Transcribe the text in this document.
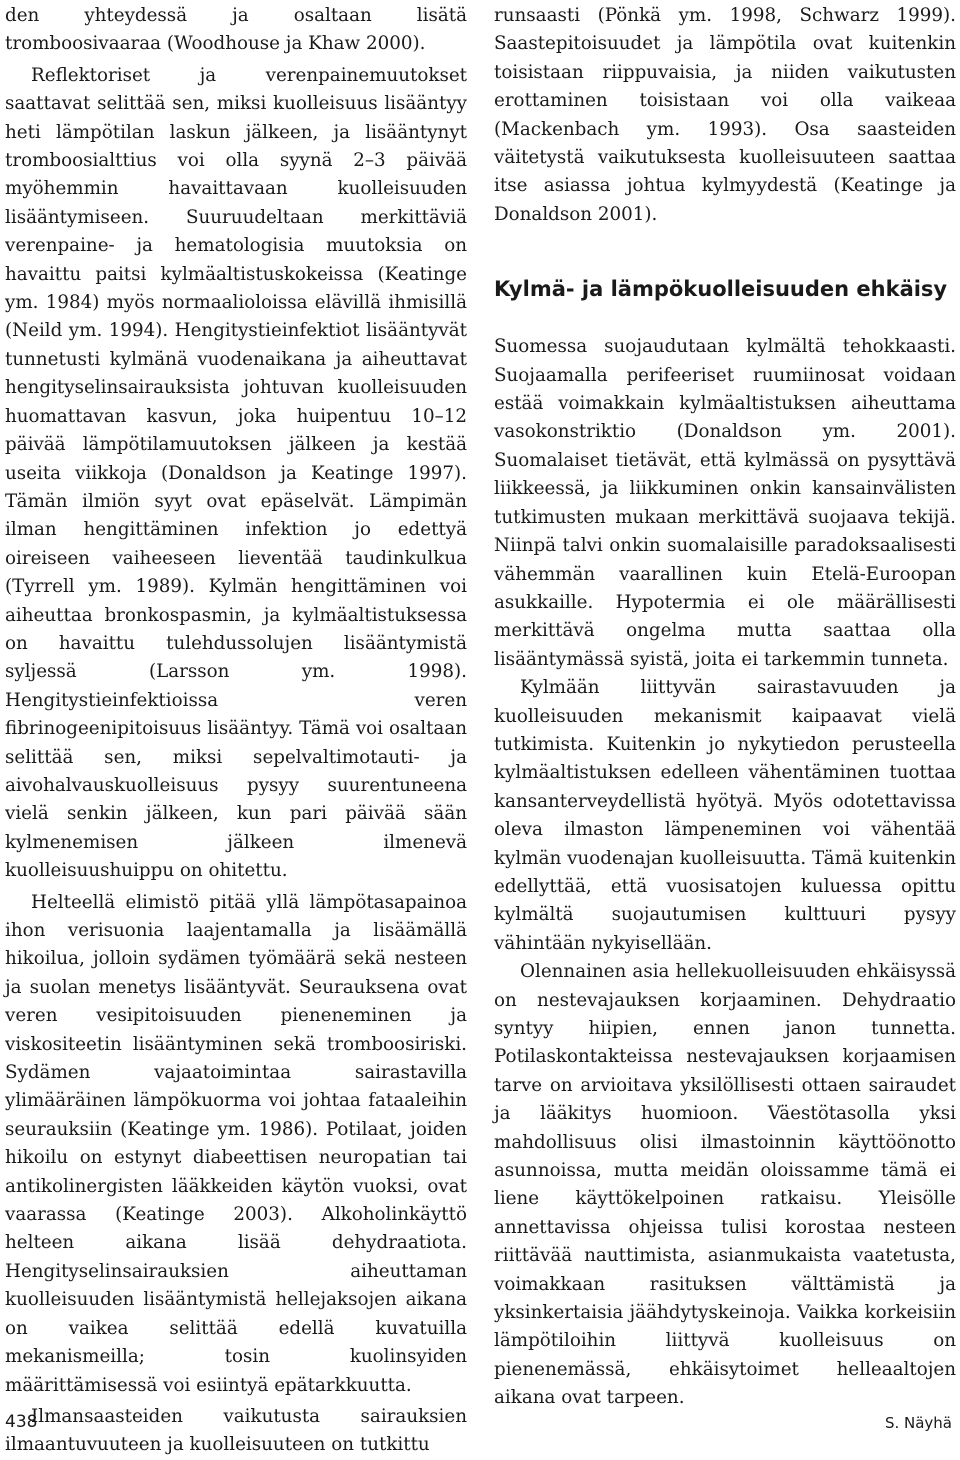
den yhteydessä ja osaltaan lisätä tromboosivaaraa (Woodhouse ja Khaw 2000).

Reflektoriset ja verenpainemuutokset saattavat selittää sen, miksi kuolleisuus lisääntyy heti lämpötilan laskun jälkeen, ja lisääntynyt tromboosialttius voi olla syynä 2–3 päivää myöhemmin havaittavaan kuolleisuuden lisääntymiseen. Suuruudeltaan merkittäviä verenpaine- ja hematologisia muutoksia on havaittu paitsi kylmäaltistuskokeissa (Keatinge ym. 1984) myös normaalioloissa elävillä ihmisillä (Neild ym. 1994). Hengitystieinfektiot lisääntyvät tunnetusti kylmänä vuodenaikana ja aiheuttavat hengityselinsairauksista johtuvan kuolleisuuden huomattavan kasvun, joka huipentuu 10–12 päivää lämpötilamuutoksen jälkeen ja kestää useita viikkoja (Donaldson ja Keatinge 1997). Tämän ilmiön syyt ovat epäselvät. Lämpimän ilman hengittäminen infektion jo edettyä oireiseen vaiheeseen lieventää taudinkulkua (Tyrrell ym. 1989). Kylmän hengittäminen voi aiheuttaa bronkospasmin, ja kylmäaltistuksessa on havaittu tulehdussolujen lisääntymistä syljessä (Larsson ym. 1998). Hengitystieinfektioissa veren fibrinogeenipitoisuus lisääntyy. Tämä voi osaltaan selittää sen, miksi sepelvaltimotauti- ja aivohalvauskuolleisuus pysyy suurentuneena vielä senkin jälkeen, kun pari päivää sään kylmenemisen jälkeen ilmenevä kuolleisuushuippu on ohitettu.

Helteellä elimistö pitää yllä lämpötasapainoa ihon verisuonia laajentamalla ja lisäämällä hikoilua, jolloin sydämen työmäärä sekä nesteen ja suolan menetys lisääntyvät. Seurauksena ovat veren vesipitoisuuden pieneneminen ja viskositeetin lisääntyminen sekä tromboosiriski. Sydämen vajaatoimintaa sairastavilla ylimääräinen lämpökuorma voi johtaa fataaleihin seurauksiin (Keatinge ym. 1986). Potilaat, joiden hikoilu on estynyt diabeettisen neuropatian tai antikolinergisten lääkkeiden käytön vuoksi, ovat vaarassa (Keatinge 2003). Alkoholinkäyttö helteen aikana lisää dehydraatiota. Hengityselinsairauksien aiheuttaman kuolleisuuden lisääntymistä hellejaksojen aikana on vaikea selittää edellä kuvatuilla mekanismeilla; tosin kuolinsyiden määrittämisessä voi esiintyä epätarkkuutta.

Ilmansaasteiden vaikutusta sairauksien ilmaantuvuuteen ja kuolleisuuteen on tutkittu

runsaasti (Pönkä ym. 1998, Schwarz 1999). Saastepitoisuudet ja lämpötila ovat kuitenkin toisistaan riippuvaisia, ja niiden vaikutusten erottaminen toisistaan voi olla vaikeaa (Mackenbach ym. 1993). Osa saasteiden väitetystä vaikutuksesta kuolleisuuteen saattaa itse asiassa johtua kylmyydestä (Keatinge ja Donaldson 2001).

Kylmä- ja lämpökuolleisuuden ehkäisy

Suomessa suojaudutaan kylmältä tehokkaasti. Suojaamalla perifeeriset ruumiinosat voidaan estää voimakkain kylmäaltistuksen aiheuttama vasokonstriktio (Donaldson ym. 2001). Suomalaiset tietävät, että kylmässä on pysyttävä liikkeessä, ja liikkuminen onkin kansainvälisten tutkimusten mukaan merkittävä suojaava tekijä. Niinpä talvi onkin suomalaisille paradoksaalisesti vähemmän vaarallinen kuin Etelä-Euroopan asukkaille. Hypotermia ei ole määrällisesti merkittävä ongelma mutta saattaa olla lisääntymässä syistä, joita ei tarkemmin tunneta.

Kylmään liittyvän sairastavuuden ja kuolleisuuden mekanismit kaipaavat vielä tutkimista. Kuitenkin jo nykytiedon perusteella kylmäaltistuksen edelleen vähentäminen tuottaa kansanterveydellistä hyötyä. Myös odotettavissa oleva ilmaston lämpeneminen voi vähentää kylmän vuodenajan kuolleisuutta. Tämä kuitenkin edellyttää, että vuosisatojen kuluessa opittu kylmältä suojautumisen kulttuuri pysyy vähintään nykyisellään.

Olennainen asia hellekuolleisuuden ehkäisyssä on nestevajauksen korjaaminen. Dehydraatio syntyy hiipien, ennen janon tunnetta. Potilaskontakteissa nestevajauksen korjaamisen tarve on arvioitava yksilöllisesti ottaen sairaudet ja lääkitys huomioon. Väestötasolla yksi mahdollisuus olisi ilmastoinnin käyttöönotto asunnoissa, mutta meidän oloissamme tämä ei liene käyttökelpoinen ratkaisu. Yleisölle annettavissa ohjeissa tulisi korostaa nesteen riittävää nauttimista, asianmukaista vaatetusta, voimakkaan rasituksen välttämistä ja yksinkertaisia jäähdytyskeinoja. Vaikka korkeisiin lämpötiloihin liittyvä kuolleisuus on pienenemässä, ehkäisytoimet helleaaltojen aikana ovat tarpeen.

438	S. Näyhä
